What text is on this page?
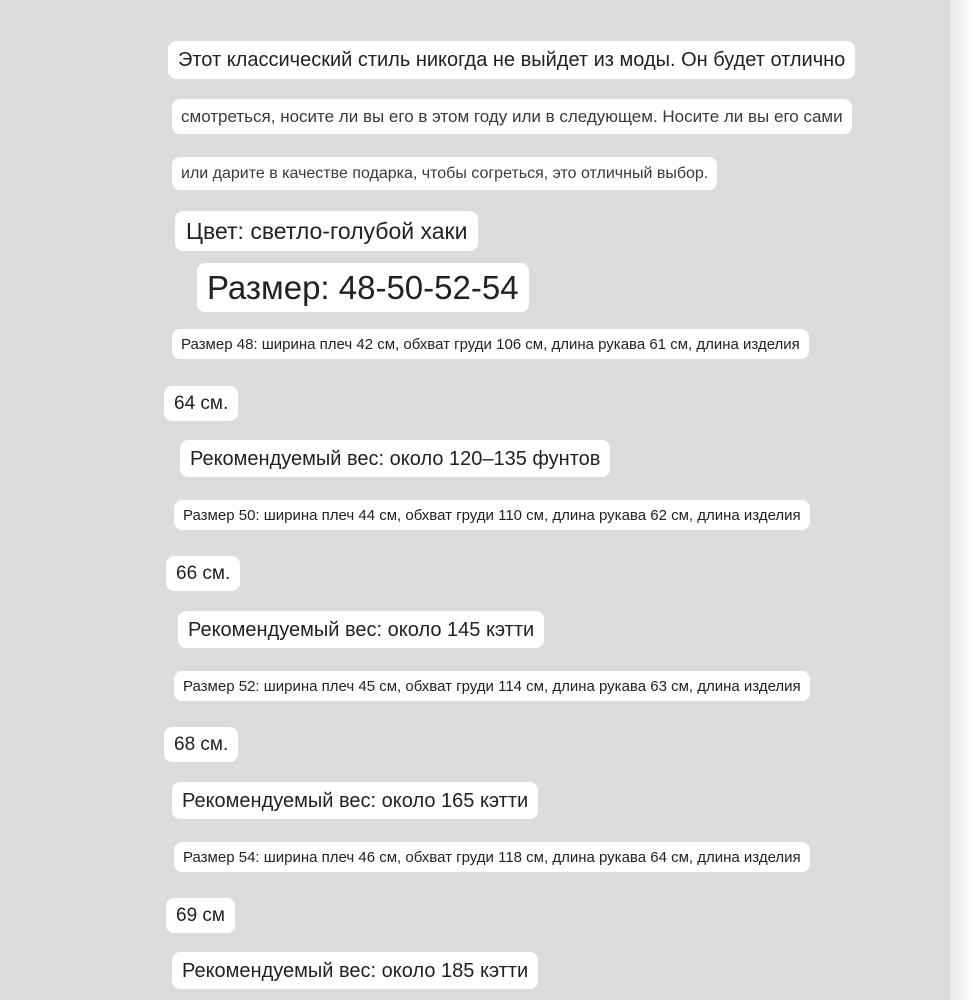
Этот классический стиль никогда не выйдет из моды. Он будет отлично
смотреться, носите ли вы его в этом году или в следующем. Носите ли вы его сами
или дарите в качестве подарка, чтобы согреться, это отличный выбор.
Цвет: светло-голубой хаки
Размер: 48-50-52-54
Размер 48: ширина плеч 42 см, обхват груди 106 см, длина рукава 61 см, длина изделия
64 см.
Рекомендуемый вес: около 120–135 фунтов
Размер 50: ширина плеч 44 см, обхват груди 110 см, длина рукава 62 см, длина изделия
66 см.
Рекомендуемый вес: около 145 кэтти
Размер 52: ширина плеч 45 см, обхват груди 114 см, длина рукава 63 см, длина изделия
68 см.
Рекомендуемый вес: около 165 кэтти
Размер 54: ширина плеч 46 см, обхват груди 118 см, длина рукава 64 см, длина изделия
69 см
Рекомендуемый вес: около 185 кэтти
